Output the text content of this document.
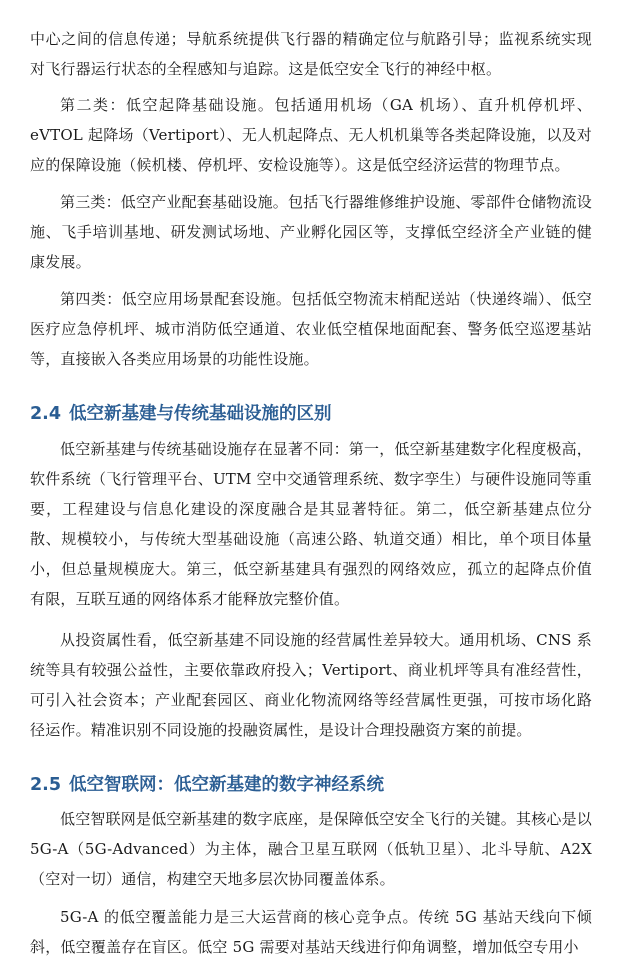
中心之间的信息传递；导航系统提供飞行器的精确定位与航路引导；监视系统实现对飞行器运行状态的全程感知与追踪。这是低空安全飞行的神经中枢。

第二类：低空起降基础设施。包括通用机场（GA 机场）、直升机停机坪、eVTOL 起降场（Vertiport）、无人机起降点、无人机机巢等各类起降设施，以及对应的保障设施（候机楼、停机坪、安检设施等）。这是低空经济运营的物理节点。

第三类：低空产业配套基础设施。包括飞行器维修维护设施、零部件仓储物流设施、飞手培训基地、研发测试场地、产业孵化园区等，支撑低空经济全产业链的健康发展。

第四类：低空应用场景配套设施。包括低空物流末梢配送站（快递终端）、低空医疗应急停机坪、城市消防低空通道、农业低空植保地面配套、警务低空巡逻基站等，直接嵌入各类应用场景的功能性设施。

2.4 低空新基建与传统基础设施的区别

低空新基建与传统基础设施存在显著不同：第一，低空新基建数字化程度极高，软件系统（飞行管理平台、UTM 空中交通管理系统、数字孪生）与硬件设施同等重要，工程建设与信息化建设的深度融合是其显著特征。第二，低空新基建点位分散、规模较小，与传统大型基础设施（高速公路、轨道交通）相比，单个项目体量小，但总量规模庞大。第三，低空新基建具有强烈的网络效应，孤立的起降点价值有限，互联互通的网络体系才能释放完整价值。

从投资属性看，低空新基建不同设施的经营属性差异较大。通用机场、CNS 系统等具有较强公益性，主要依靠政府投入；Vertiport、商业机坪等具有准经营性，可引入社会资本；产业配套园区、商业化物流网络等经营属性更强，可按市场化路径运作。精准识别不同设施的投融资属性，是设计合理投融资方案的前提。

2.5 低空智联网：低空新基建的数字神经系统

低空智联网是低空新基建的数字底座，是保障低空安全飞行的关键。其核心是以 5G-A（5G-Advanced）为主体，融合卫星互联网（低轨卫星）、北斗导航、A2X（空对一切）通信，构建空天地多层次协同覆盖体系。

5G-A 的低空覆盖能力是三大运营商的核心竞争点。传统 5G 基站天线向下倾斜，低空覆盖存在盲区。低空 5G 需要对基站天线进行仰角调整，增加低空专用小
